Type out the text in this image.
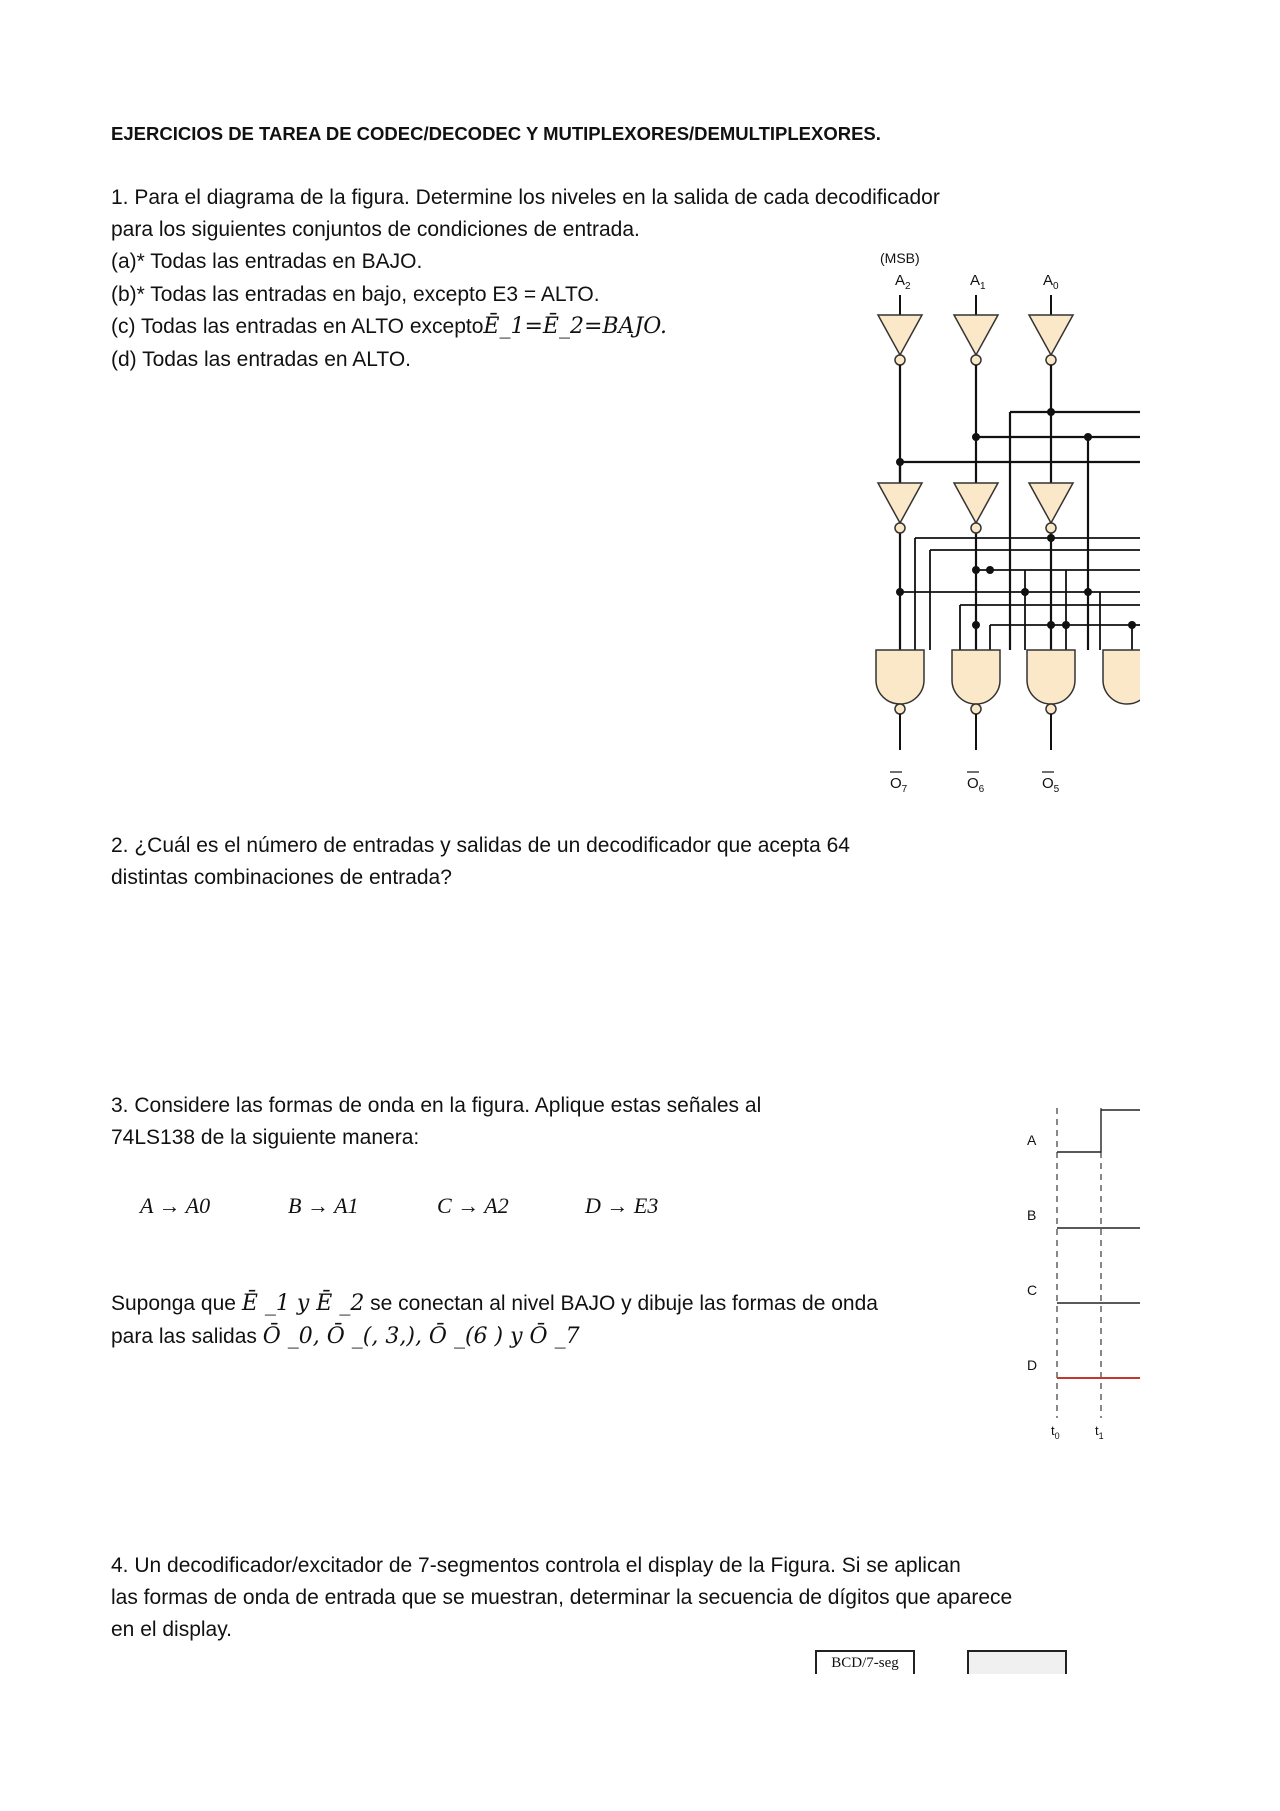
EJERCICIOS DE TAREA DE CODEC/DECODEC Y MUTIPLEXORES/DEMULTIPLEXORES.
1. Para el diagrama de la figura. Determine los niveles en la salida de cada decodificador
para los siguientes conjuntos de condiciones de entrada.
(a)* Todas las entradas en BAJO.
(b)* Todas las entradas en bajo, excepto E3 = ALTO.
(c) Todas las entradas en ALTO exceptoĒ_1=Ē_2=BAJO.
(d) Todas las entradas en ALTO.
(MSB)
$A_2$	$A_1$	$A_0$
$O_7$	$O_6$	$O_5$
2. ¿Cuál es el número de entradas y salidas de un decodificador que acepta 64
distintas combinaciones de entrada?
3. Considere las formas de onda en la figura. Aplique estas señales al
74LS138 de la siguiente manera:
A → A0	B → A1	C → A2	D → E3
Suponga que Ē _1 y Ē _2 se conectan al nivel BAJO y dibuje las formas de onda
para las salidas Ō _0, Ō _(, 3,), Ō _(6 ) y Ō _7
A
B
C
D
$t_0$	$t_1$
4. Un decodificador/excitador de 7-segmentos controla el display de la Figura. Si se aplican
las formas de onda de entrada que se muestran, determinar la secuencia de dígitos que aparece
en el display.
BCD/7-seg
